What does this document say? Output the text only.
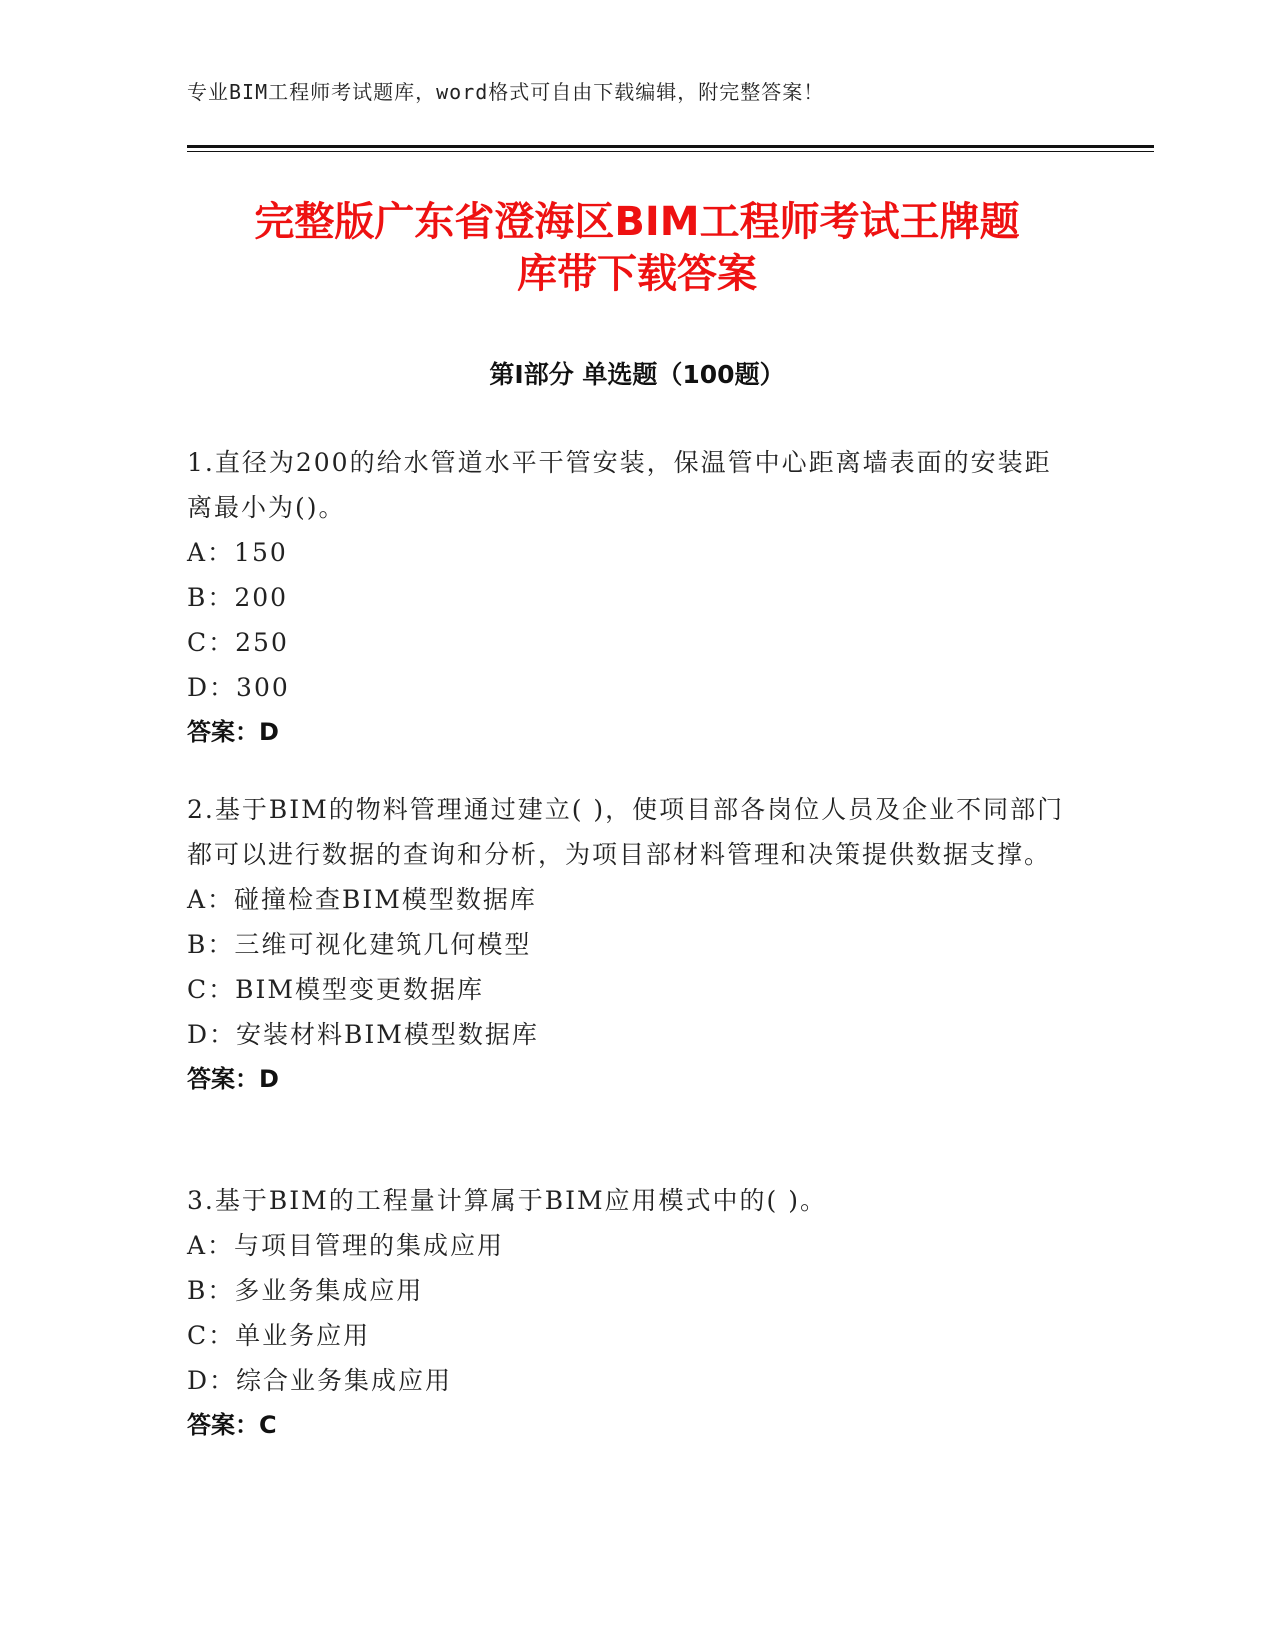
专业BIM工程师考试题库，word格式可自由下载编辑，附完整答案！
完整版广东省澄海区BIM工程师考试王牌题
库带下载答案
第Ⅰ部分 单选题（100题）

1.直径为200的给水管道水平干管安装，保温管中心距离墙表面的安装距离最小为()。

A：150

B：200

C：250

D：300

答案：D

2.基于BIM的物料管理通过建立( )，使项目部各岗位人员及企业不同部门都可以进行数据的查询和分析，为项目部材料管理和决策提供数据支撑。

A：碰撞检查BIM模型数据库

B：三维可视化建筑几何模型

C：BIM模型变更数据库

D：安装材料BIM模型数据库

答案：D

3.基于BIM的工程量计算属于BIM应用模式中的( )。

A：与项目管理的集成应用

B：多业务集成应用

C：单业务应用

D：综合业务集成应用

答案：C
